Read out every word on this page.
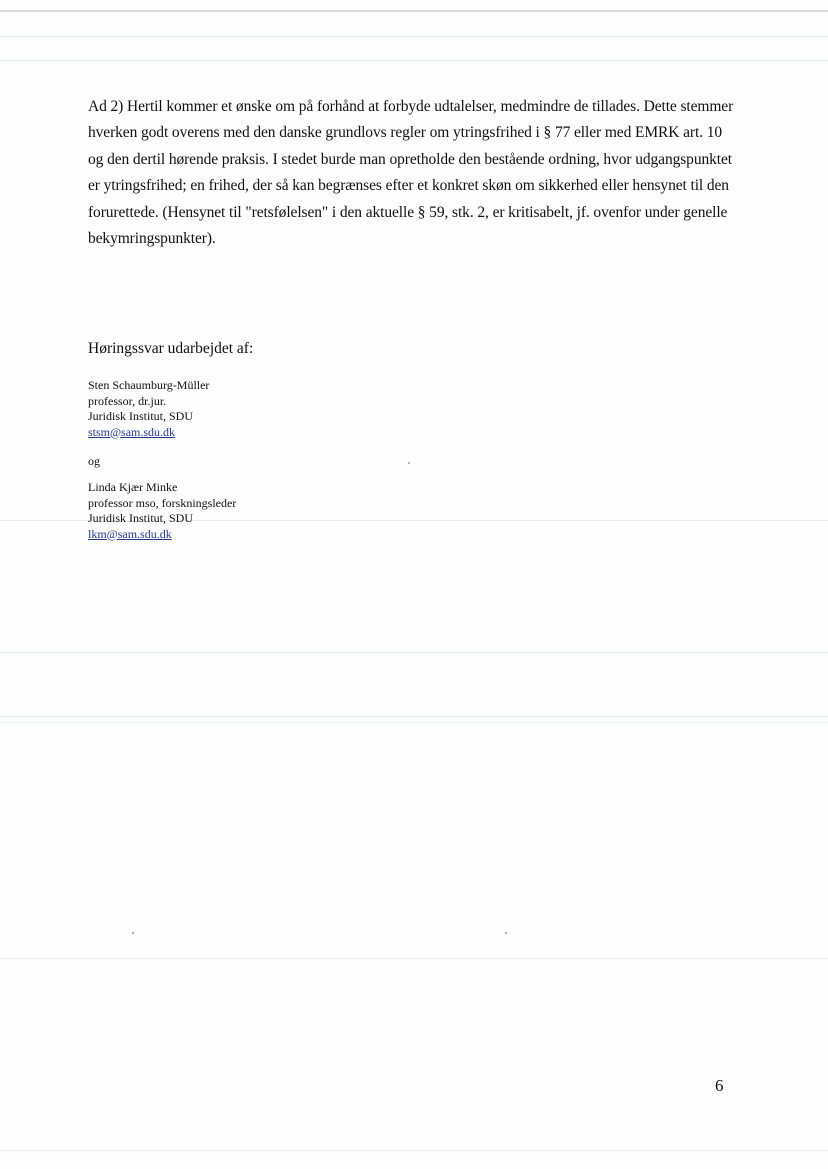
Ad 2) Hertil kommer et ønske om på forhånd at forbyde udtalelser, medmindre de tillades. Dette stemmer
hverken godt overens med den danske grundlovs regler om ytringsfrihed i § 77 eller med EMRK art. 10
og den dertil hørende praksis. I stedet burde man opretholde den bestående ordning, hvor udgangspunktet
er ytringsfrihed; en frihed, der så kan begrænses efter et konkret skøn om sikkerhed eller hensynet til den
forurettede. (Hensynet til "retsfølelsen" i den aktuelle § 59, stk. 2, er kritisabelt, jf. ovenfor under genelle
bekymringspunkter).
Høringssvar udarbejdet af:
Sten Schaumburg-Müller
professor, dr.jur.
Juridisk Institut, SDU
stsm@sam.sdu.dk
og
Linda Kjær Minke
professor mso, forskningsleder
Juridisk Institut, SDU
lkm@sam.sdu.dk
6
